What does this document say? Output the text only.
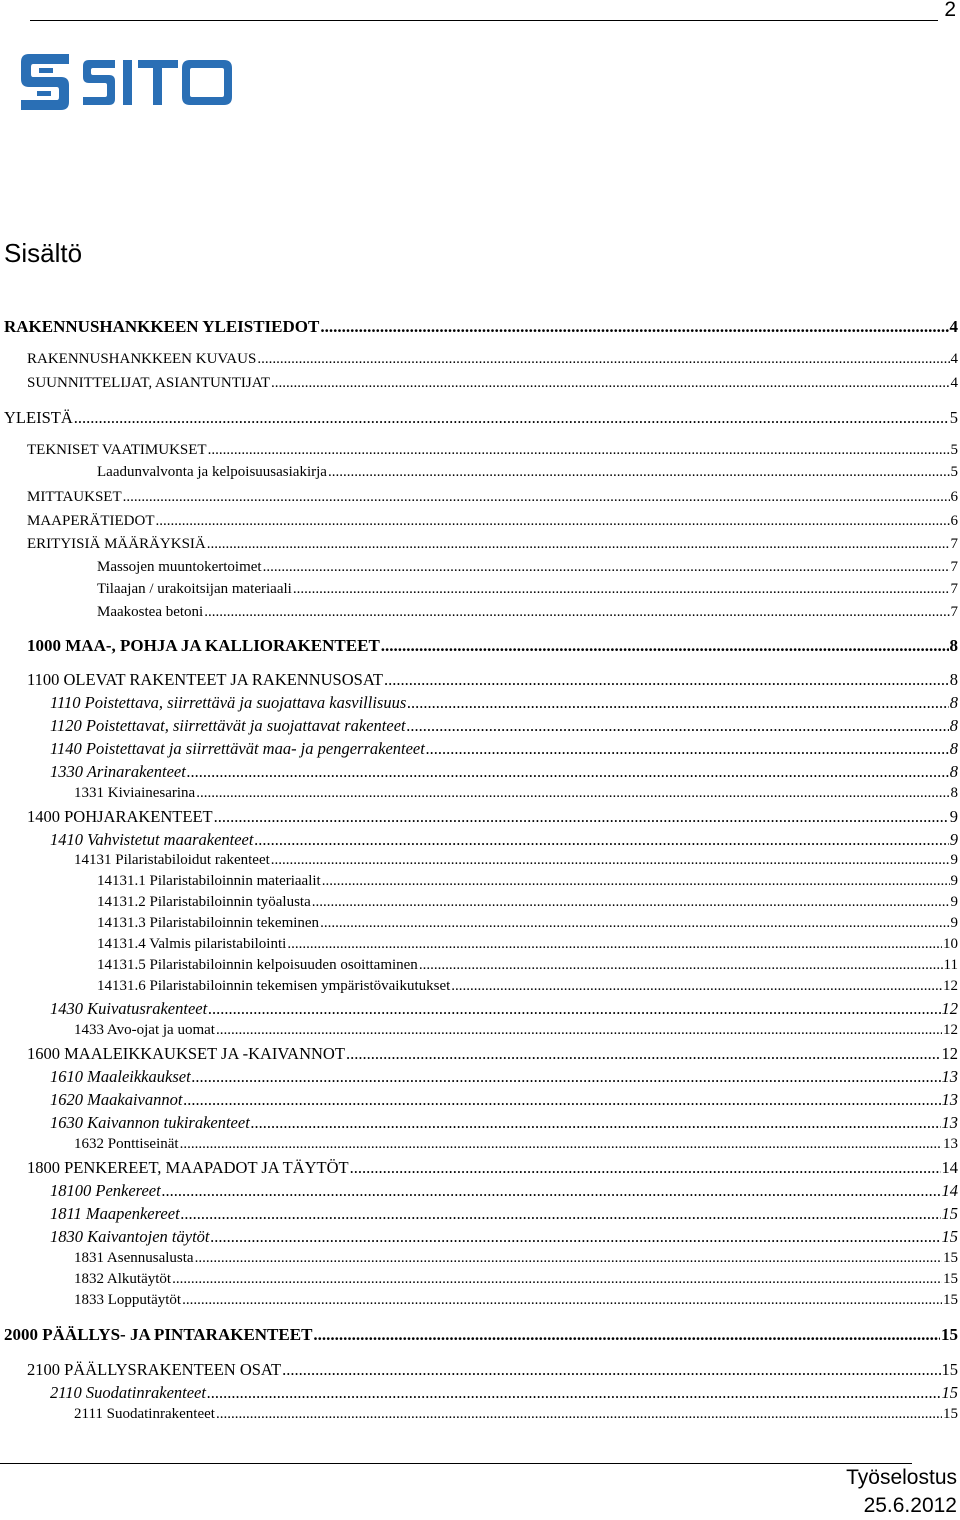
2
Sisältö
RAKENNUSHANKKEEN YLEISTIEDOT .....	4
RAKENNUSHANKKEEN KUVAUS .....	4
SUUNNITTELIJAT, ASIANTUNTIJAT .....	4
YLEISTÄ .....	5
TEKNISET VAATIMUKSET .....	5
Laadunvalvonta ja kelpoisuusasiakirja .....	5
MITTAUKSET .....	6
MAAPERÄTIEDOT .....	6
ERITYISIÄ MÄÄRÄYKSIÄ .....	7
Massojen muuntokertoimet .....	7
Tilaajan / urakoitsijan materiaali .....	7
Maakostea betoni .....	7
1000 MAA-, POHJA JA KALLIORAKENTEET .....	8
1100 OLEVAT RAKENTEET JA RAKENNUSOSAT .....	8
1110 Poistettava, siirrettävä ja suojattava kasvillisuus .....	8
1120 Poistettavat, siirrettävät ja suojattavat rakenteet .....	8
1140 Poistettavat ja siirrettävät maa- ja pengerrakenteet .....	8
1330 Arinarakenteet .....	8
1331 Kiviainesarina .....	8
1400 POHJARAKENTEET .....	9
1410 Vahvistetut maarakenteet .....	9
14131 Pilaristabiloidut rakenteet .....	9
14131.1 Pilaristabiloinnin materiaalit .....	9
14131.2 Pilaristabiloinnin työalusta .....	9
14131.3 Pilaristabiloinnin tekeminen .....	9
14131.4 Valmis pilaristabilointi .....	10
14131.5 Pilaristabiloinnin kelpoisuuden osoittaminen .....	11
14131.6 Pilaristabiloinnin tekemisen ympäristövaikutukset .....	12
1430 Kuivatusrakenteet .....	12
1433 Avo-ojat ja uomat .....	12
1600 MAALEIKKAUKSET JA -KAIVANNOT .....	12
1610 Maaleikkaukset .....	13
1620 Maakaivannot .....	13
1630 Kaivannon tukirakenteet .....	13
1632 Ponttiseinät .....	13
1800 PENKEREET, MAAPADOT JA TÄYTÖT .....	14
18100 Penkereet .....	14
1811 Maapenkereet .....	15
1830 Kaivantojen täytöt .....	15
1831 Asennusalusta .....	15
1832 Alkutäytöt .....	15
1833 Lopputäytöt .....	15
2000 PÄÄLLYS- JA PINTARAKENTEET .....	15
2100 PÄÄLLYSRAKENTEEN OSAT .....	15
2110 Suodatinrakenteet .....	15
2111 Suodatinrakenteet .....	15
Työselostus
25.6.2012
